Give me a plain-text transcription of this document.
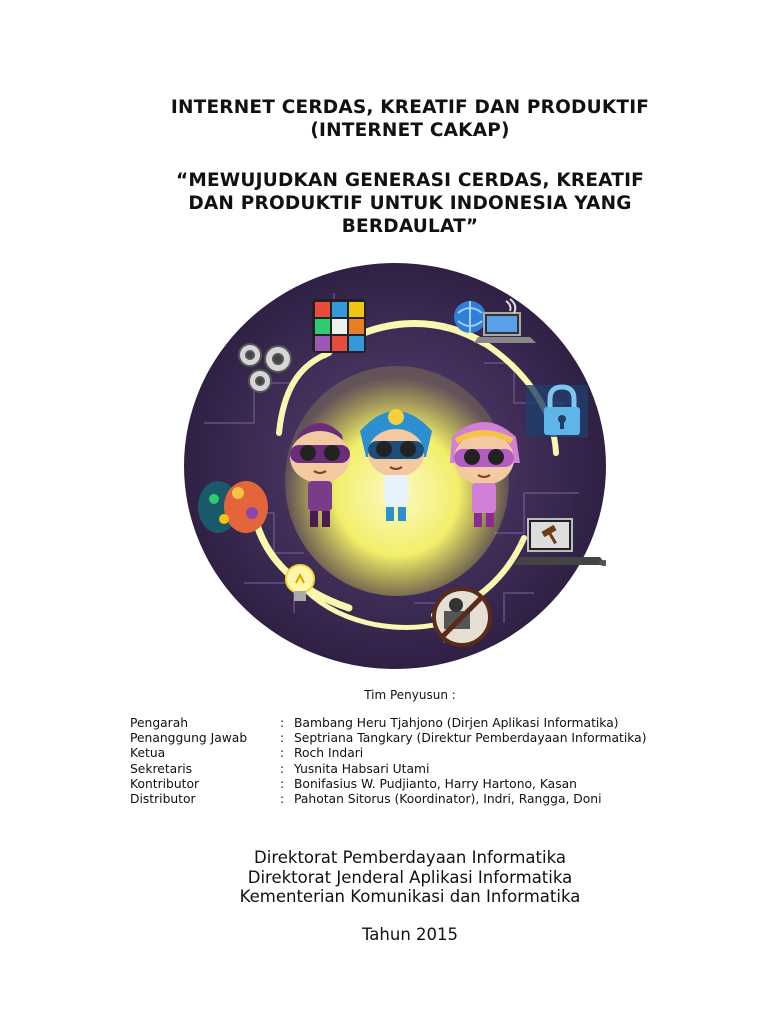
INTERNET CERDAS, KREATIF DAN PRODUKTIF
(INTERNET CAKAP)
“MEWUJUDKAN GENERASI CERDAS, KREATIF
DAN PRODUKTIF UNTUK INDONESIA YANG
BERDAULAT”
Tim Penyusun :
Pengarah	: Bambang Heru Tjahjono (Dirjen Aplikasi Informatika)
Penanggung Jawab	: Septriana Tangkary (Direktur Pemberdayaan Informatika)
Ketua	: Roch Indari
Sekretaris	: Yusnita Habsari Utami
Kontributor	: Bonifasius W. Pudjianto, Harry Hartono, Kasan
Distributor	: Pahotan Sitorus (Koordinator), Indri, Rangga, Doni
Direktorat Pemberdayaan Informatika
Direktorat Jenderal Aplikasi Informatika
Kementerian Komunikasi dan Informatika
Tahun 2015
